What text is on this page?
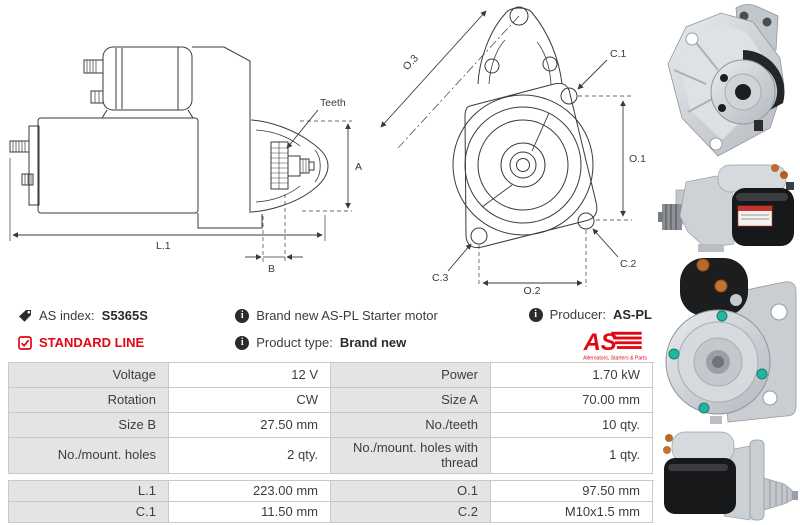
Teeth
A
L.1
B
O.3	C.1
O.1
C.2
C.3
O.2
AS index: S5365S
STANDARD LINE
i
Brand new AS-PL Starter motor
i
Product type: Brand new
i
Producer: AS-PL
AS
Alternators, Starters & Parts
Voltage	12 V	Power	1.70 kW
Rotation	CW	Size A	70.00 mm
Size B	27.50 mm	No./teeth	10 qty.
No./mount. holes	2 qty.	No./mount. holes with thread	1 qty.
L.1	223.00 mm	O.1	97.50 mm
C.1	11.50 mm	C.2	M10x1.5 mm
